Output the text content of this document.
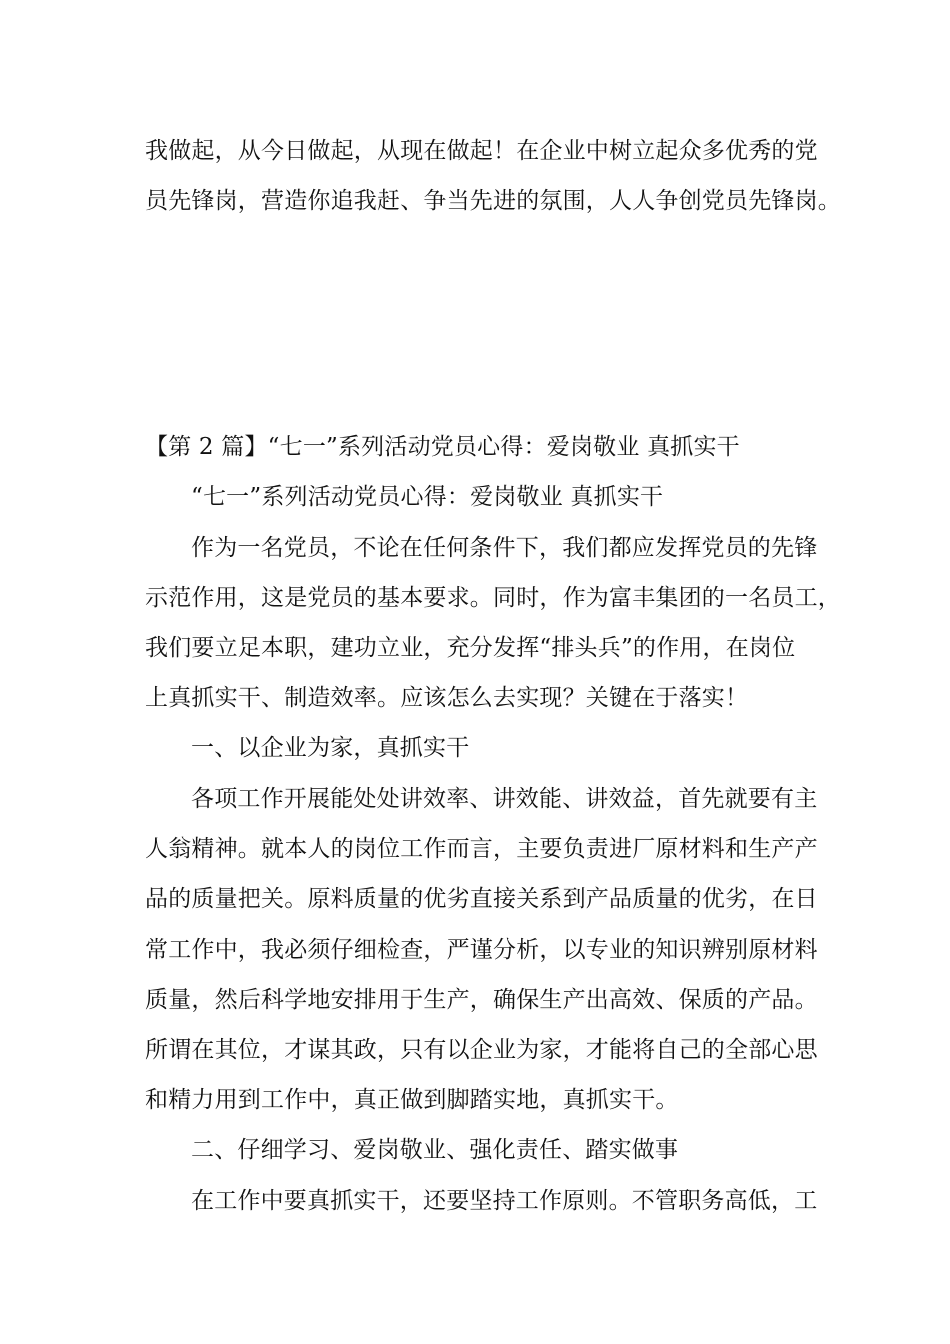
我做起，从今日做起，从现在做起！在企业中树立起众多优秀的党
员先锋岗，营造你追我赶、争当先进的氛围，人人争创党员先锋岗。
【第 2 篇】“七一”系列活动党员心得：爱岗敬业 真抓实干
“七一”系列活动党员心得：爱岗敬业 真抓实干
作为一名党员，不论在任何条件下，我们都应发挥党员的先锋
示范作用，这是党员的基本要求。同时，作为富丰集团的一名员工，
我们要立足本职，建功立业，充分发挥“排头兵”的作用，在岗位
上真抓实干、制造效率。应该怎么去实现？关键在于落实！
一、以企业为家，真抓实干
各项工作开展能处处讲效率、讲效能、讲效益，首先就要有主
人翁精神。就本人的岗位工作而言，主要负责进厂原材料和生产产
品的质量把关。原料质量的优劣直接关系到产品质量的优劣，在日
常工作中，我必须仔细检查，严谨分析，以专业的知识辨别原材料
质量，然后科学地安排用于生产，确保生产出高效、保质的产品。
所谓在其位，才谋其政，只有以企业为家，才能将自己的全部心思
和精力用到工作中，真正做到脚踏实地，真抓实干。
二、仔细学习、爱岗敬业、强化责任、踏实做事
在工作中要真抓实干，还要坚持工作原则。不管职务高低，工
